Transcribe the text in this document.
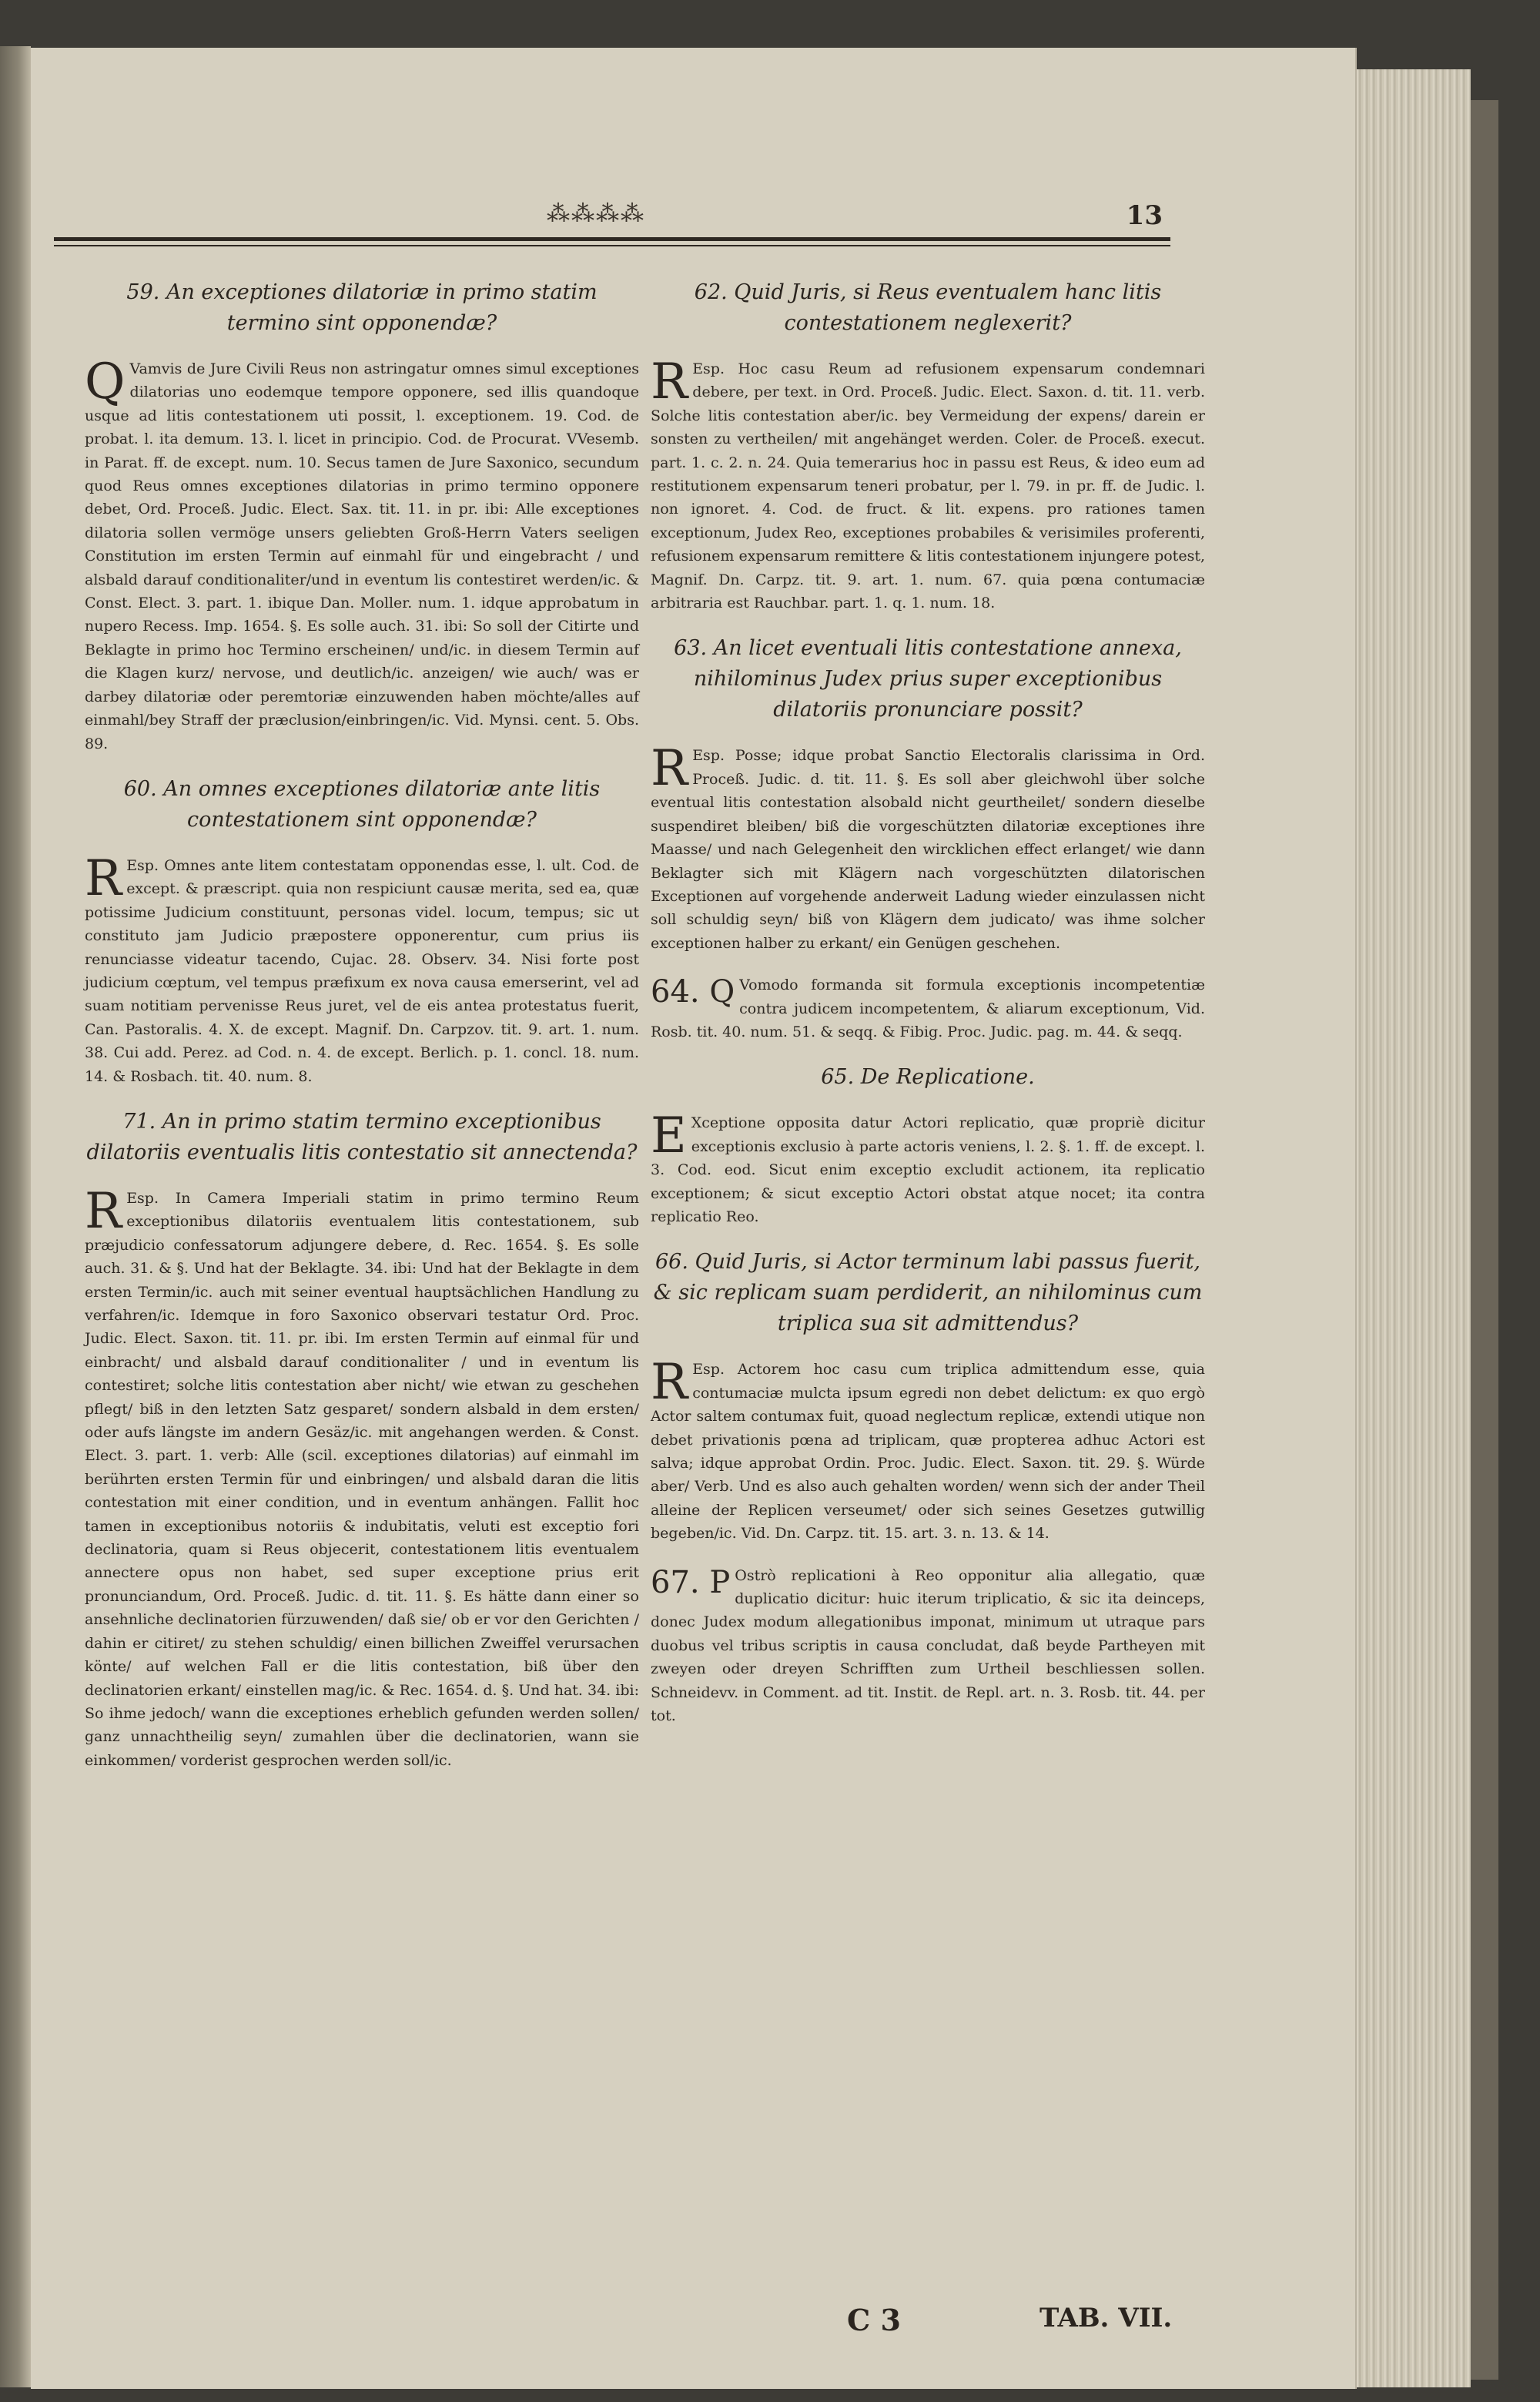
⁂⁂⁂⁂	13
59. An exceptiones dilatoriæ in primo statim termino sint opponendæ?

Q Vamvis de Jure Civili Reus non astringatur omnes simul exceptiones dilatorias uno eodemque tempore opponere, sed illis quandoque usque ad litis contestationem uti possit, l. exceptionem. 19. Cod. de probat. l. ita demum. 13. l. licet in principio. Cod. de Procurat. VVesemb. in Parat. ff. de except. num. 10. Secus tamen de Jure Saxonico, secundum quod Reus omnes exceptiones dilatorias in primo termino opponere debet, Ord. Proceß. Judic. Elect. Sax. tit. 11. in pr. ibi: Alle exceptiones dilatoria sollen vermöge unsers geliebten Groß-Herrn Vaters seeligen Constitution im ersten Termin auf einmahl für und eingebracht / und alsbald darauf conditionaliter/und in eventum lis contestiret werden/ic. & Const. Elect. 3. part. 1. ibique Dan. Moller. num. 1. idque approbatum in nupero Recess. Imp. 1654. §. Es solle auch. 31. ibi: So soll der Citirte und Beklagte in primo hoc Termino erscheinen/ und/ic. in diesem Termin auf die Klagen kurz/ nervose, und deutlich/ic. anzeigen/ wie auch/ was er darbey dilatoriæ oder peremtoriæ einzuwenden haben möchte/alles auf einmahl/bey Straff der præclusion/einbringen/ic. Vid. Mynsi. cent. 5. Obs. 89.

60. An omnes exceptiones dilatoriæ ante litis contestationem sint opponendæ?

R Esp. Omnes ante litem contestatam opponendas esse, l. ult. Cod. de except. & præscript. quia non respiciunt causæ merita, sed ea, quæ potissime Judicium constituunt, personas videl. locum, tempus; sic ut constituto jam Judicio præpostere opponerentur, cum prius iis renunciasse videatur tacendo, Cujac. 28. Observ. 34. Nisi forte post judicium cœptum, vel tempus præfixum ex nova causa emerserint, vel ad suam notitiam pervenisse Reus juret, vel de eis antea protestatus fuerit, Can. Pastoralis. 4. X. de except. Magnif. Dn. Carpzov. tit. 9. art. 1. num. 38. Cui add. Perez. ad Cod. n. 4. de except. Berlich. p. 1. concl. 18. num. 14. & Rosbach. tit. 40. num. 8.

71. An in primo statim termino exceptionibus dilatoriis eventualis litis contestatio sit annectenda?

R Esp. In Camera Imperiali statim in primo termino Reum exceptionibus dilatoriis eventualem litis contestationem, sub præjudicio confessatorum adjungere debere, d. Rec. 1654. §. Es solle auch. 31. & §. Und hat der Beklagte. 34. ibi: Und hat der Beklagte in dem ersten Termin/ic. auch mit seiner eventual hauptsächlichen Handlung zu verfahren/ic. Idemque in foro Saxonico observari testatur Ord. Proc. Judic. Elect. Saxon. tit. 11. pr. ibi. Im ersten Termin auf einmal für und einbracht/ und alsbald darauf conditionaliter / und in eventum lis contestiret; solche litis contestation aber nicht/ wie etwan zu geschehen pflegt/ biß in den letzten Satz gesparet/ sondern alsbald in dem ersten/ oder aufs längste im andern Gesäz/ic. mit angehangen werden. & Const. Elect. 3. part. 1. verb: Alle (scil. exceptiones dilatorias) auf einmahl im berührten ersten Termin für und einbringen/ und alsbald daran die litis contestation mit einer condition, und in eventum anhängen. Fallit hoc tamen in exceptionibus notoriis & indubitatis, veluti est exceptio fori declinatoria, quam si Reus objecerit, contestationem litis eventualem annectere opus non habet, sed super exceptione prius erit pronunciandum, Ord. Proceß. Judic. d. tit. 11. §. Es hätte dann einer so ansehnliche declinatorien fürzuwenden/ daß sie/ ob er vor den Gerichten / dahin er citiret/ zu stehen schuldig/ einen billichen Zweiffel verursachen könte/ auf welchen Fall er die litis contestation, biß über den declinatorien erkant/ einstellen mag/ic. & Rec. 1654. d. §. Und hat. 34. ibi: So ihme jedoch/ wann die exceptiones erheblich gefunden werden sollen/ ganz unnachtheilig seyn/ zumahlen über die declinatorien, wann sie einkommen/ vorderist gesprochen werden soll/ic.

62. Quid Juris, si Reus eventualem hanc litis contestationem neglexerit?

R Esp. Hoc casu Reum ad refusionem expensarum condemnari debere, per text. in Ord. Proceß. Judic. Elect. Saxon. d. tit. 11. verb. Solche litis contestation aber/ic. bey Vermeidung der expens/ darein er sonsten zu vertheilen/ mit angehänget werden. Coler. de Proceß. execut. part. 1. c. 2. n. 24. Quia temerarius hoc in passu est Reus, & ideo eum ad restitutionem expensarum teneri probatur, per l. 79. in pr. ff. de Judic. l. non ignoret. 4. Cod. de fruct. & lit. expens. pro rationes tamen exceptionum, Judex Reo, exceptiones probabiles & verisimiles proferenti, refusionem expensarum remittere & litis contestationem injungere potest, Magnif. Dn. Carpz. tit. 9. art. 1. num. 67. quia pœna contumaciæ arbitraria est Rauchbar. part. 1. q. 1. num. 18.

63. An licet eventuali litis contestatione annexa, nihilominus Judex prius super exceptionibus dilatoriis pronunciare possit?

R Esp. Posse; idque probat Sanctio Electoralis clarissima in Ord. Proceß. Judic. d. tit. 11. §. Es soll aber gleichwohl über solche eventual litis contestation alsobald nicht geurtheilet/ sondern dieselbe suspendiret bleiben/ biß die vorgeschützten dilatoriæ exceptiones ihre Maasse/ und nach Gelegenheit den wircklichen effect erlanget/ wie dann Beklagter sich mit Klägern nach vorgeschützten dilatorischen Exceptionen auf vorgehende anderweit Ladung wieder einzulassen nicht soll schuldig seyn/ biß von Klägern dem judicato/ was ihme solcher exceptionen halber zu erkant/ ein Genügen geschehen.

64. Q Vomodo formanda sit formula exceptionis incompetentiæ contra judicem incompetentem, & aliarum exceptionum, Vid. Rosb. tit. 40. num. 51. & seqq. & Fibig. Proc. Judic. pag. m. 44. & seqq.

65. De Replicatione.

E Xceptione opposita datur Actori replicatio, quæ propriè dicitur exceptionis exclusio à parte actoris veniens, l. 2. §. 1. ff. de except. l. 3. Cod. eod. Sicut enim exceptio excludit actionem, ita replicatio exceptionem; & sicut exceptio Actori obstat atque nocet; ita contra replicatio Reo.

66. Quid Juris, si Actor terminum labi passus fuerit, & sic replicam suam perdiderit, an nihilominus cum triplica sua sit admittendus?

R Esp. Actorem hoc casu cum triplica admittendum esse, quia contumaciæ mulcta ipsum egredi non debet delictum: ex quo ergò Actor saltem contumax fuit, quoad neglectum replicæ, extendi utique non debet privationis pœna ad triplicam, quæ propterea adhuc Actori est salva; idque approbat Ordin. Proc. Judic. Elect. Saxon. tit. 29. §. Würde aber/ Verb. Und es also auch gehalten worden/ wenn sich der ander Theil alleine der Replicen verseumet/ oder sich seines Gesetzes gutwillig begeben/ic. Vid. Dn. Carpz. tit. 15. art. 3. n. 13. & 14.

67. P Ostrò replicationi à Reo opponitur alia allegatio, quæ duplicatio dicitur: huic iterum triplicatio, & sic ita deinceps, donec Judex modum allegationibus imponat, minimum ut utraque pars duobus vel tribus scriptis in causa concludat, daß beyde Partheyen mit zweyen oder dreyen Schrifften zum Urtheil beschliessen sollen. Schneidevv. in Comment. ad tit. Instit. de Repl. art. n. 3. Rosb. tit. 44. per tot.

C 3	TAB. VII.
